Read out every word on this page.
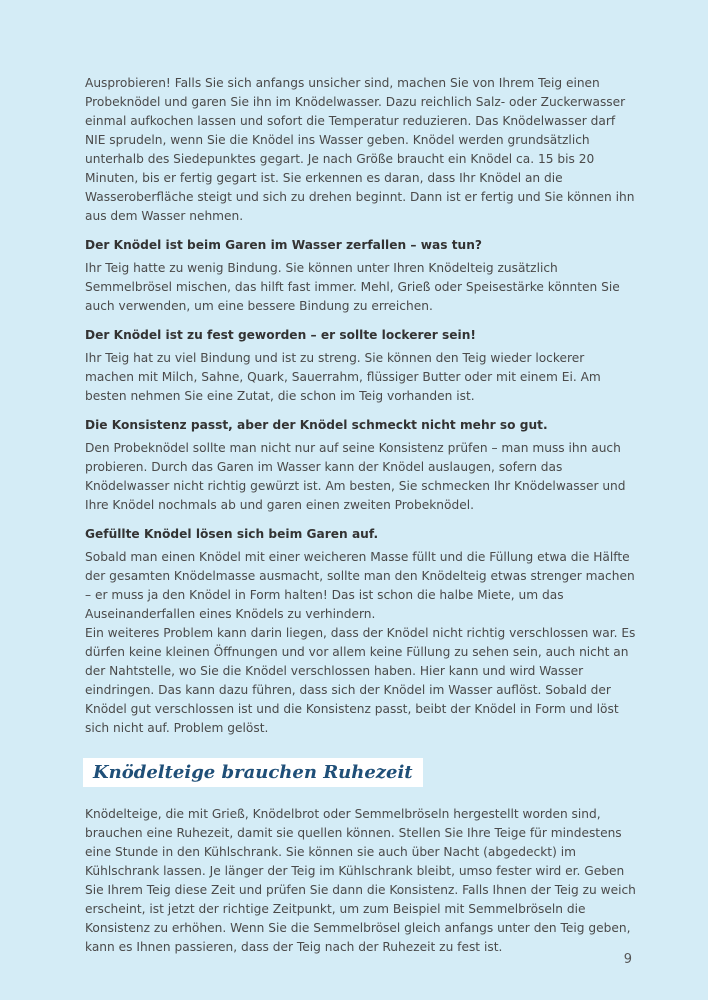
Ausprobieren! Falls Sie sich anfangs unsicher sind, machen Sie von Ihrem Teig einen Probeknödel und garen Sie ihn im Knödelwasser. Dazu reichlich Salz- oder Zuckerwasser einmal aufkochen lassen und sofort die Temperatur reduzieren. Das Knödelwasser darf NIE sprudeln, wenn Sie die Knödel ins Wasser geben. Knödel werden grundsätzlich unterhalb des Siedepunktes gegart. Je nach Größe braucht ein Knödel ca. 15 bis 20 Minuten, bis er fertig gegart ist. Sie erkennen es daran, dass Ihr Knödel an die Wasseroberfläche steigt und sich zu drehen beginnt. Dann ist er fertig und Sie können ihn aus dem Wasser nehmen.

Der Knödel ist beim Garen im Wasser zerfallen – was tun?

Ihr Teig hatte zu wenig Bindung. Sie können unter Ihren Knödelteig zusätzlich Semmelbrösel mischen, das hilft fast immer. Mehl, Grieß oder Speisestärke könnten Sie auch verwenden, um eine bessere Bindung zu erreichen.

Der Knödel ist zu fest geworden – er sollte lockerer sein!

Ihr Teig hat zu viel Bindung und ist zu streng. Sie können den Teig wieder lockerer machen mit Milch, Sahne, Quark, Sauerrahm, flüssiger Butter oder mit einem Ei. Am besten nehmen Sie eine Zutat, die schon im Teig vorhanden ist.

Die Konsistenz passt, aber der Knödel schmeckt nicht mehr so gut.

Den Probeknödel sollte man nicht nur auf seine Konsistenz prüfen – man muss ihn auch probieren. Durch das Garen im Wasser kann der Knödel auslaugen, sofern das Knödelwasser nicht richtig gewürzt ist. Am besten, Sie schmecken Ihr Knödelwasser und Ihre Knödel nochmals ab und garen einen zweiten Probeknödel.

Gefüllte Knödel lösen sich beim Garen auf.

Sobald man einen Knödel mit einer weicheren Masse füllt und die Füllung etwa die Hälfte der gesamten Knödelmasse ausmacht, sollte man den Knödelteig etwas strenger machen – er muss ja den Knödel in Form halten! Das ist schon die halbe Miete, um das Auseinanderfallen eines Knödels zu verhindern.

Ein weiteres Problem kann darin liegen, dass der Knödel nicht richtig verschlossen war. Es dürfen keine kleinen Öffnungen und vor allem keine Füllung zu sehen sein, auch nicht an der Nahtstelle, wo Sie die Knödel verschlossen haben. Hier kann und wird Wasser eindringen. Das kann dazu führen, dass sich der Knödel im Wasser auflöst. Sobald der Knödel gut verschlossen ist und die Konsistenz passt, beibt der Knödel in Form und löst sich nicht auf. Problem gelöst.

Knödelteige brauchen Ruhezeit

Knödelteige, die mit Grieß, Knödelbrot oder Semmelbröseln hergestellt worden sind, brauchen eine Ruhezeit, damit sie quellen können. Stellen Sie Ihre Teige für mindestens eine Stunde in den Kühlschrank. Sie können sie auch über Nacht (abgedeckt) im Kühlschrank lassen. Je länger der Teig im Kühlschrank bleibt, umso fester wird er. Geben Sie Ihrem Teig diese Zeit und prüfen Sie dann die Konsistenz. Falls Ihnen der Teig zu weich erscheint, ist jetzt der richtige Zeitpunkt, um zum Beispiel mit Semmelbröseln die Konsistenz zu erhöhen. Wenn Sie die Semmelbrösel gleich anfangs unter den Teig geben, kann es Ihnen passieren, dass der Teig nach der Ruhezeit zu fest ist.

9
